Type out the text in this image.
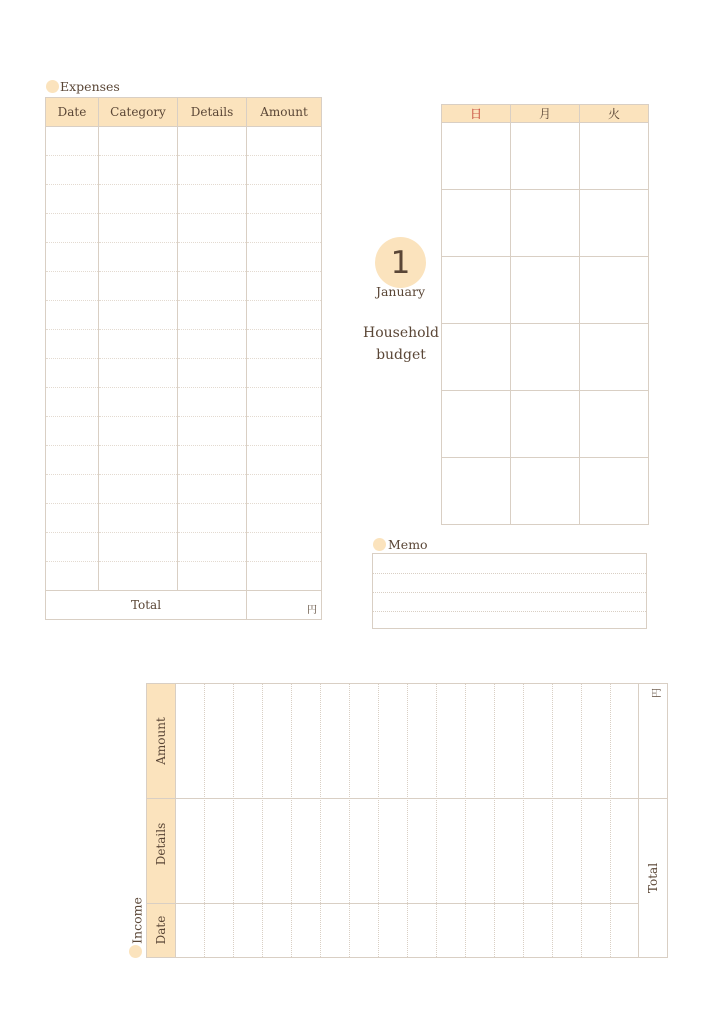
Expenses
Date	Category	Details	Amount

Total			円
1
January
Household
budget
日	月	火

Memo
Income
Amount
Details
Date
円
Total
